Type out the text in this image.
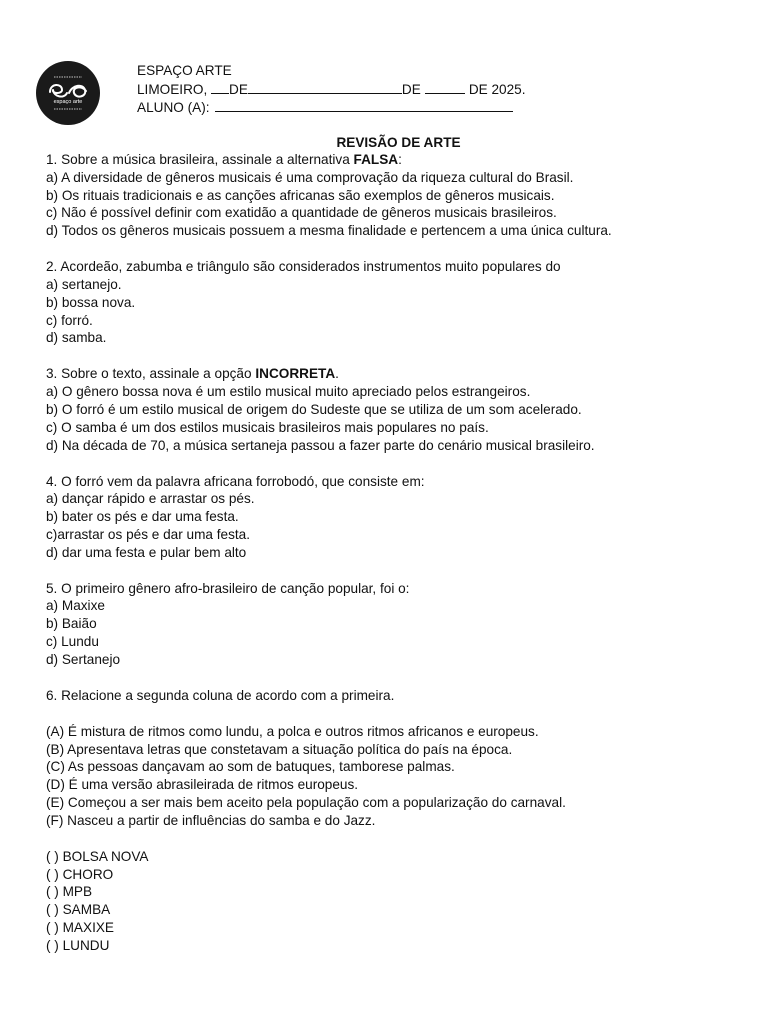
espaço arte
ESPAÇO ARTE
LIMOEIRO, DE	DE	DE 2025.
ALUNO (A):
REVISÃO DE ARTE
1. Sobre a música brasileira, assinale a alternativa FALSA:
a) A diversidade de gêneros musicais é uma comprovação da riqueza cultural do Brasil.
b) Os rituais tradicionais e as canções africanas são exemplos de gêneros musicais.
c) Não é possível definir com exatidão a quantidade de gêneros musicais brasileiros.
d) Todos os gêneros musicais possuem a mesma finalidade e pertencem a uma única cultura.
2. Acordeão, zabumba e triângulo são considerados instrumentos muito populares do
a) sertanejo.
b) bossa nova.
c) forró.
d) samba.
3. Sobre o texto, assinale a opção INCORRETA.
a) O gênero bossa nova é um estilo musical muito apreciado pelos estrangeiros.
b) O forró é um estilo musical de origem do Sudeste que se utiliza de um som acelerado.
c) O samba é um dos estilos musicais brasileiros mais populares no país.
d) Na década de 70, a música sertaneja passou a fazer parte do cenário musical brasileiro.
4. O forró vem da palavra africana forrobodó, que consiste em:
a) dançar rápido e arrastar os pés.
b) bater os pés e dar uma festa.
c)arrastar os pés e dar uma festa.
d) dar uma festa e pular bem alto
5. O primeiro gênero afro-brasileiro de canção popular, foi o:
a) Maxixe
b) Baião
c) Lundu
d) Sertanejo
6. Relacione a segunda coluna de acordo com a primeira.
(A) É mistura de ritmos como lundu, a polca e outros ritmos africanos e europeus.
(B) Apresentava letras que constetavam a situação política do país na época.
(C) As pessoas dançavam ao som de batuques, tamborese palmas.
(D) É uma versão abrasileirada de ritmos europeus.
(E) Começou a ser mais bem aceito pela população com a popularização do carnaval.
(F) Nasceu a partir de influências do samba e do Jazz.
( ) BOLSA NOVA
( ) CHORO
( ) MPB
( ) SAMBA
( ) MAXIXE
( ) LUNDU
